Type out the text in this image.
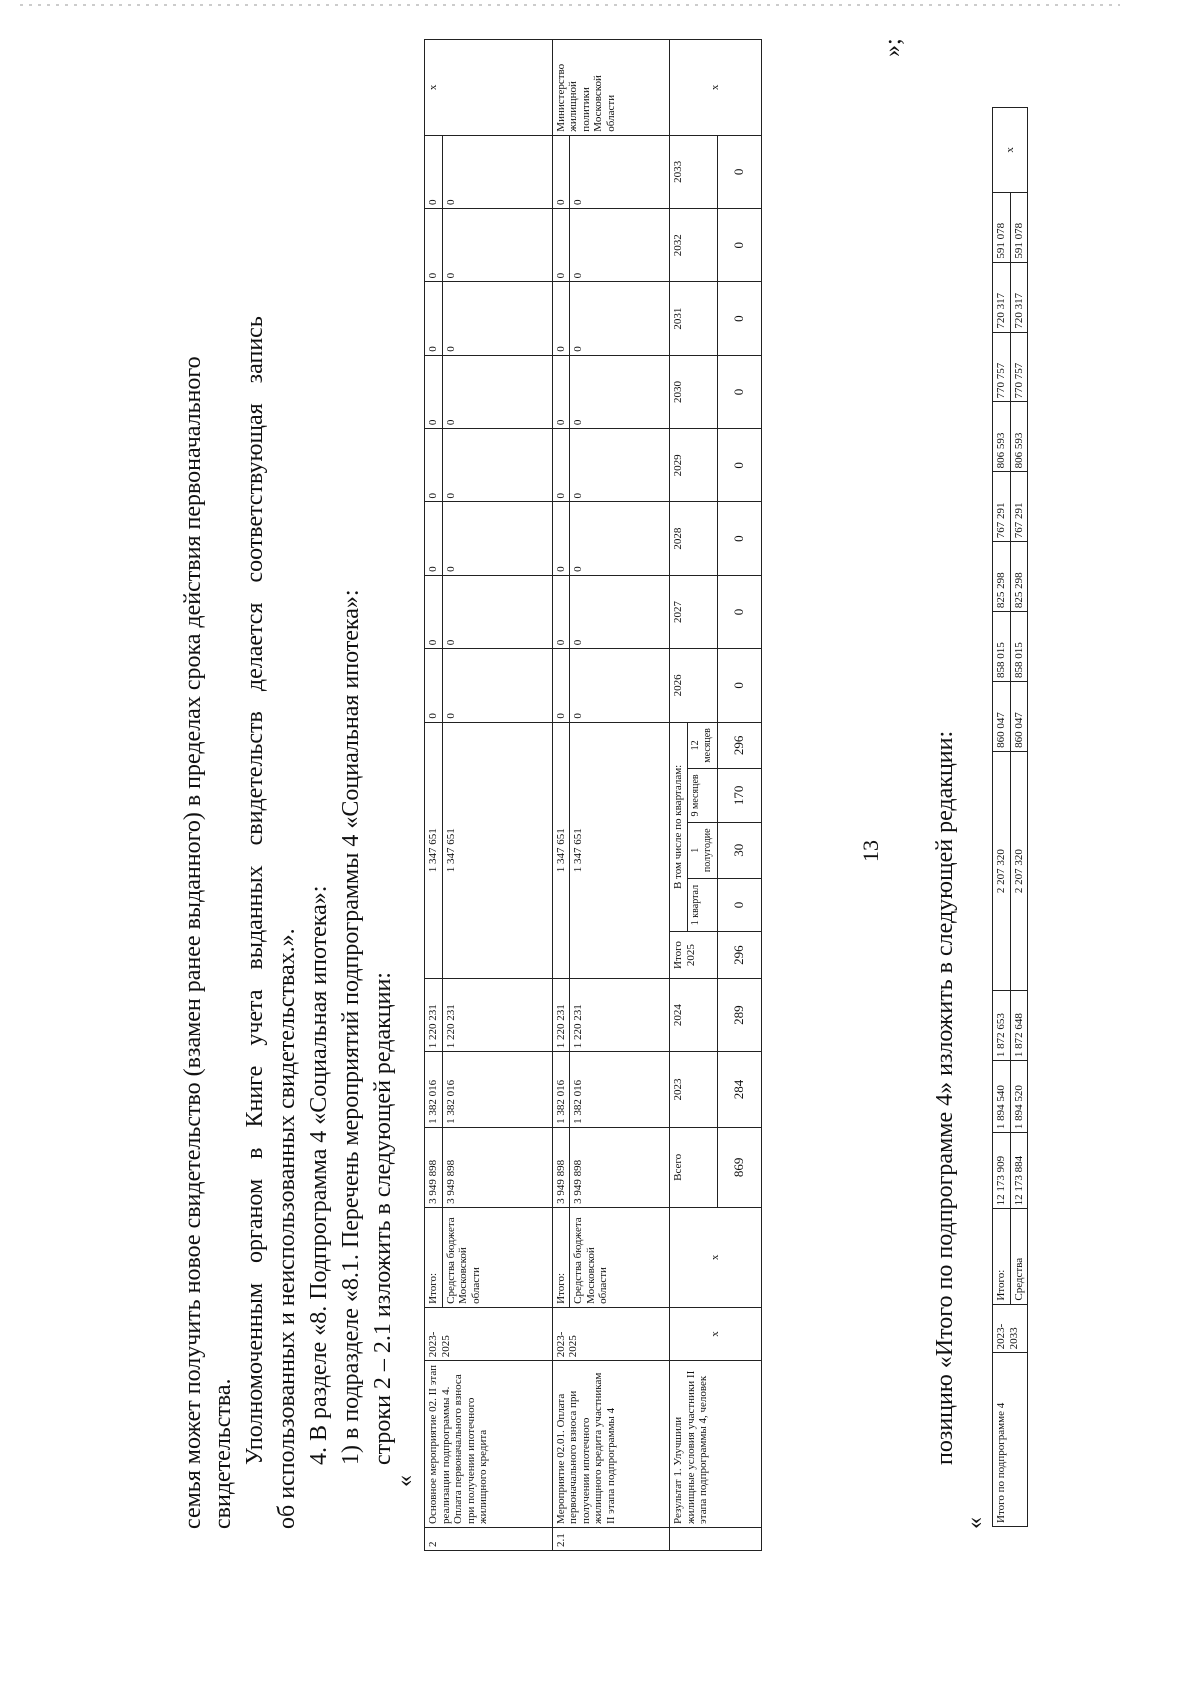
13
семья может получить новое свидетельство (взамен ранее выданного) в пределах срока действия первоначального свидетельства. Уполномоченным органом в Книге учета выданных свидетельств делается соответствующая запись об использованных и неиспользованных свидетельствах.». 4. В разделе «8. Подпрограмма 4 «Социальная ипотека»: 1) в подразделе «8.1. Перечень мероприятий подпрограммы 4 «Социальная ипотека»: строки 2 – 2.1 изложить в следующей редакции:
«
2	Основное мероприятие 02. II этап реализации подпрограммы 4. Оплата первоначального взноса при получении ипотечного жилищного кредита	2023-2025	Итого:	3 949 898	1 382 016	1 220 231	1 347 651					0	0	0	0	0	0	0	0	х
			Средства бюджета Московской области	3 949 898	1 382 016	1 220 231	1 347 651					0	0	0	0	0	0	0	0	
2.1	Мероприятие 02.01. Оплата первоначального взноса при получении ипотечного жилищного кредита участникам II этапа подпрограммы 4	2023-2025	Итого:	3 949 898	1 382 016	1 220 231	1 347 651					0	0	0	0	0	0	0	0	Министерство жилищной политики Московской области
			Средства бюджета Московской области	3 949 898	1 382 016	1 220 231	1 347 651					0	0	0	0	0	0	0	0	
	Результат 1. Улучшили жилищные условия участники II этапа подпрограммы 4, человек	х	х	Всего	2023	2024	Итого 2025	В том числе по кварталам:				2026	2027	2028	2029	2030	2031	2032	2033	х
								1 квартал	1 полугодие	9 месяцев	12 месяцев									
				869	284	289	296	0	30	170	296	0	0	0	0	0	0	0	0	
»;
позицию «Итого по подпрограмме 4» изложить в следующей редакции:
« Итого по подпрограмме 4	2023-2033	Итого:	12 173 909	1 894 540	1 872 653	2 207 320	860 047	858 015	825 298	767 291	806 593	770 757	720 317	591 078	х
		Средства	12 173 884	1 894 520	1 872 648	2 207 320	860 047	858 015	825 298	767 291	806 593	770 757	720 317	591 078	
